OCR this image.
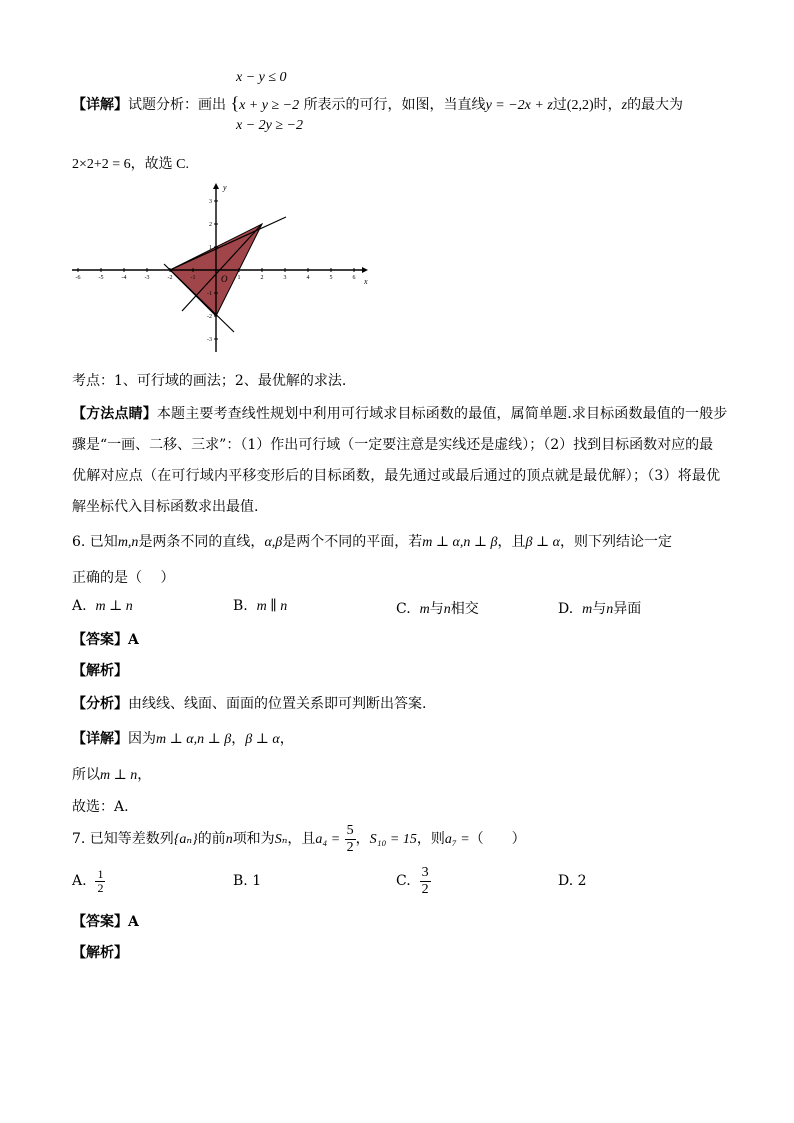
x − y ≤ 0
【详解】试题分析：画出 {x + y ≥ −2 所表示的可行，如图，当直线y = −2x + z过(2,2)时，z的最大为
x − 2y ≥ −2
2×2+2 = 6，故选 C.
-6	-5	-4	-3	-2	-1	1	2	3	4	5	6
3
2
1
-1
-2
-3
O	x
y
考点：1、可行域的画法；2、最优解的求法.
【方法点睛】本题主要考查线性规划中利用可行域求目标函数的最值，属简单题.求目标函数最值的一般步
骤是“一画、二移、三求”：（1）作出可行域（一定要注意是实线还是虚线）；（2）找到目标函数对应的最
优解对应点（在可行域内平移变形后的目标函数，最先通过或最后通过的顶点就是最优解）；（3）将最优
解坐标代入目标函数求出最值.
6. 已知m,n是两条不同的直线，α,β是两个不同的平面，若m ⊥ α,n ⊥ β，且β ⊥ α，则下列结论一定
正确的是（　 ）
A. m ⊥ n	B. m ∥ n	C. m与n相交	D. m与n异面
【答案】A
【解析】
【分析】由线线、线面、面面的位置关系即可判断出答案.
【详解】因为m ⊥ α,n ⊥ β，β ⊥ α，
所以m ⊥ n，
故选：A.
7. 已知等差数列{aₙ}的前n项和为Sₙ，且$a_4 = \frac{5}{2}$ ，S₁₀ = 15，则a₇ =（　　）
A. $\frac{1}{2}$	B. 1	C. $\frac{3}{2}$	D. 2
【答案】A
【解析】
